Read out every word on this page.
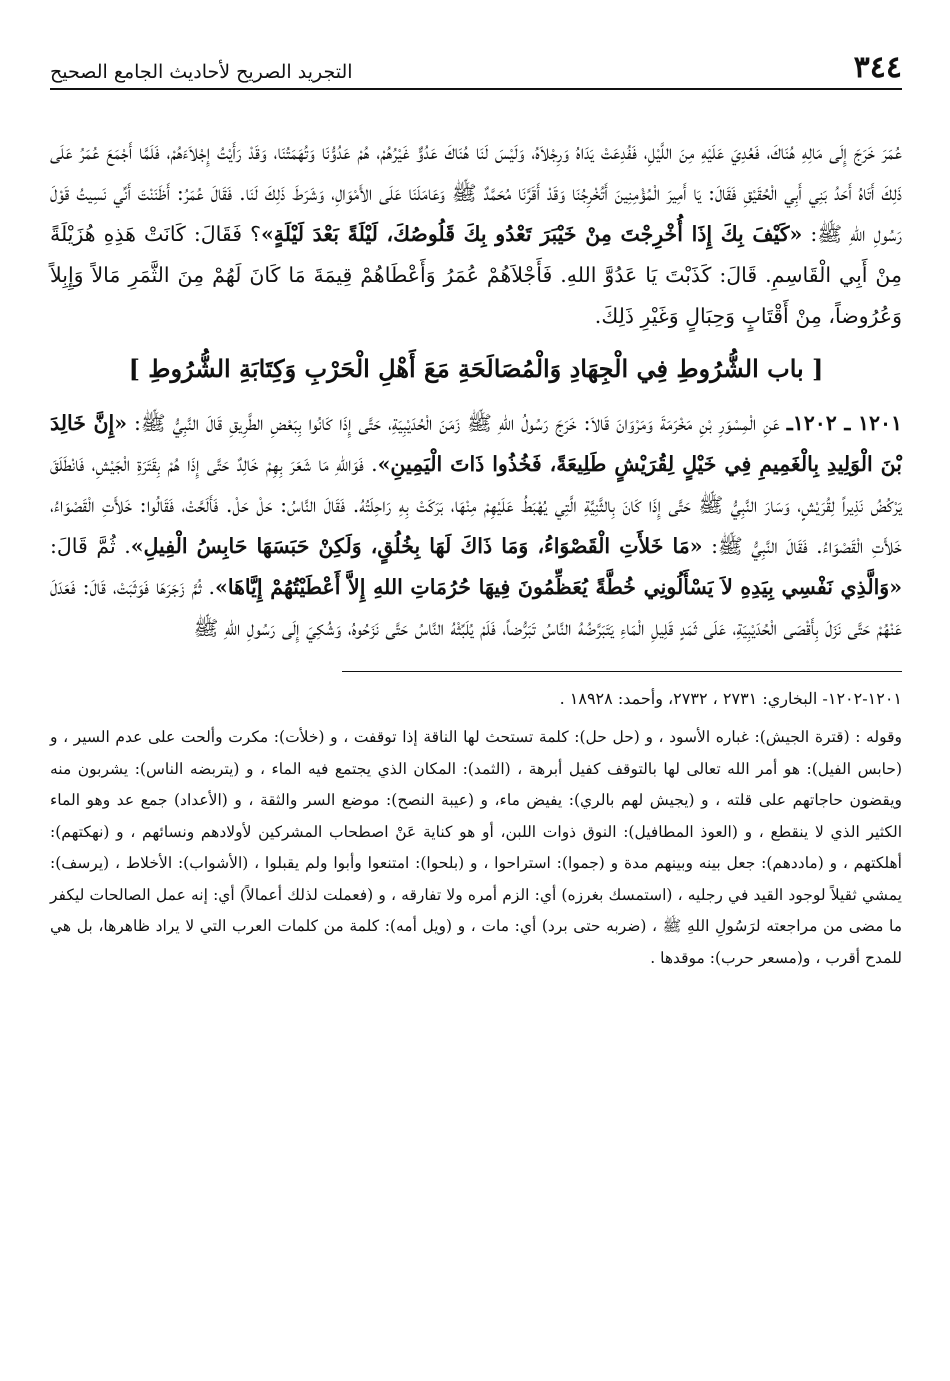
٣٤٤
التجريد الصريح لأحاديث الجامع الصحيح

عُمَرَ خَرَجَ إِلَى مَالِهِ هُنَاكَ، فَعُدِيَ عَلَيْهِ مِنَ اللَّيْلِ، فَفُدِعَتْ يَدَاهُ وَرِجْلاَهُ، وَلَيْسَ لَنَا هُنَاكَ عَدُوٌّ غَيْرُهُمْ، هُمْ عَدُوُّنَا وَتُهَمَتُنَا، وَقَدْ رَأَيْتُ إِجْلاَءَهُمْ، فَلَمَّا أَجْمَعَ عُمَرُ عَلَى ذَلِكَ أَتَاهُ أَحَدُ بَنِي أَبِي الْحُقَيْقِ فَقَالَ: يَا أَمِيرَ الْمُؤْمِنِينَ أَتُخْرِجُنَا وَقَدْ أَقَرَّنَا مُحَمَّدٌ ﷺ وَعَامَلَنَا عَلَى الأَمْوَالِ، وَشَرَطَ ذَلِكَ لَنَا. فَقَالَ عُمَرُ: أَظَنَنْتَ أَنِّي نَسِيتُ قَوْلَ رَسُولِ اللهِ ﷺ: «كَيْفَ بِكَ إِذَا أُخْرِجْتَ مِنْ خَيْبَرَ تَعْدُو بِكَ قَلُوصُكَ، لَيْلَةً بَعْدَ لَيْلَةٍ»؟ فَقَالَ: كَانَتْ هَذِهِ هُزَيْلَةً مِنْ أَبِي الْقَاسِمِ. قَالَ: كَذَبْتَ يَا عَدُوَّ اللهِ. فَأَجْلاَهُمْ عُمَرُ وَأَعْطَاهُمْ قِيمَةَ مَا كَانَ لَهُمْ مِنَ الثَّمَرِ مَالاً وَإِبِلاً وَعُرُوضاً، مِنْ أَقْتَابٍ وَحِبَالٍ وَغَيْرِ ذَلِكَ.

[ باب الشُّرُوطِ فِي الْجِهَادِ وَالْمُصَالَحَةِ مَعَ أَهْلِ الْحَرْبِ وَكِتَابَةِ الشُّرُوطِ ]

١٢٠١ ـ ١٢٠٢ـ عَنِ الْمِسْوَرِ بْنِ مَخْرَمَةَ وَمَرْوَانَ قَالاَ: خَرَجَ رَسُولُ اللهِ ﷺ زَمَنَ الْحُدَيْبِيَةِ، حَتَّى إِذَا كَانُوا بِبَعْضِ الطَّرِيقِ قَالَ النَّبِيُّ ﷺ: «إِنَّ خَالِدَ بْنَ الْوَلِيدِ بِالْغَمِيمِ فِي خَيْلٍ لِقُرَيْشٍ طَلِيعَةً، فَخُذُوا ذَاتَ الْيَمِينِ». فَوَاللهِ مَا شَعَرَ بِهِمْ خَالِدٌ حَتَّى إِذَا هُمْ بِقَتَرَةِ الْجَيْشِ، فَانْطَلَقَ يَرْكُضُ نَذِيراً لِقُرَيْشٍ، وَسَارَ النَّبِيُّ ﷺ حَتَّى إِذَا كَانَ بِالثَّنِيَّةِ الَّتِي يُهْبَطُ عَلَيْهِمْ مِنْهَا، بَرَكَتْ بِهِ رَاحِلَتُهُ. فَقَالَ النَّاسُ: حَلْ حَلْ. فَأَلَحَّتْ، فَقَالُوا: خَلأَتِ الْقَصْوَاءُ، خَلأَتِ الْقَصْوَاءُ. فَقَالَ النَّبِيُّ ﷺ: «مَا خَلأَتِ الْقَصْوَاءُ، وَمَا ذَاكَ لَهَا بِخُلُقٍ، وَلَكِنْ حَبَسَهَا حَابِسُ الْفِيلِ». ثُمَّ قَالَ: «وَالَّذِي نَفْسِي بِيَدِهِ لاَ يَسْأَلُونِي خُطَّةً يُعَظِّمُونَ فِيهَا حُرُمَاتِ اللهِ إِلاَّ أَعْطَيْتُهُمْ إِيَّاهَا». ثُمَّ زَجَرَهَا فَوَثَبَتْ، قَالَ: فَعَدَلَ عَنْهُمْ حَتَّى نَزَلَ بِأَقْصَى الْحُدَيْبِيَةِ، عَلَى ثَمَدٍ قَلِيلِ الْمَاءِ يَتَبَرَّضُهُ النَّاسُ تَبَرُّضاً، فَلَمْ يُلَبِّثْهُ النَّاسُ حَتَّى نَزَحُوهُ، وَشُكِيَ إِلَى رَسُولِ اللهِ ﷺ

١٢٠١-١٢٠٢- البخاري: ٢٧٣١ ، ٢٧٣٢، وأحمد: ١٨٩٢٨ .

وقوله : (قترة الجيش): غباره الأسود ، و (حل حل): كلمة تستحث لها الناقة إذا توقفت ، و (خلأت): مكرت وألحت على عدم السير ، و (حابس الفيل): هو أمر الله تعالى لها بالتوقف كفيل أبرهة ، (الثمد): المكان الذي يجتمع فيه الماء ، و (يتربضه الناس): يشربون منه ويقضون حاجاتهم على قلته ، و (يجيش لهم بالري): يفيض ماء، و (عيبة النصح): موضع السر والثقة ، و (الأعداد) جمع عد وهو الماء الكثير الذي لا ينقطع ، و (العوذ المطافيل): النوق ذوات اللبن، أو هو كناية عَنْ اصطحاب المشركين لأولادهم ونسائهم ، و (نهكتهم): أهلكتهم ، و (ماددهم): جعل بينه وبينهم مدة و (جموا): استراحوا ، و (بلحوا): امتنعوا وأبوا ولم يقبلوا ، (الأشواب): الأخلاط ، (يرسف): يمشي ثقيلاً لوجود القيد في رجليه ، (استمسك بغرزه) أي: الزم أمره ولا تفارقه ، و (فعملت لذلك أعمالاً) أي: إنه عمل الصالحات ليكفر ما مضى من مراجعته لرَسُولِ اللهِ ﷺ ، (ضربه حتى برد) أي: مات ، و (ويل أمه): كلمة من كلمات العرب التي لا يراد ظاهرها، بل هي للمدح أقرب ، و(مسعر حرب): موقدها .
